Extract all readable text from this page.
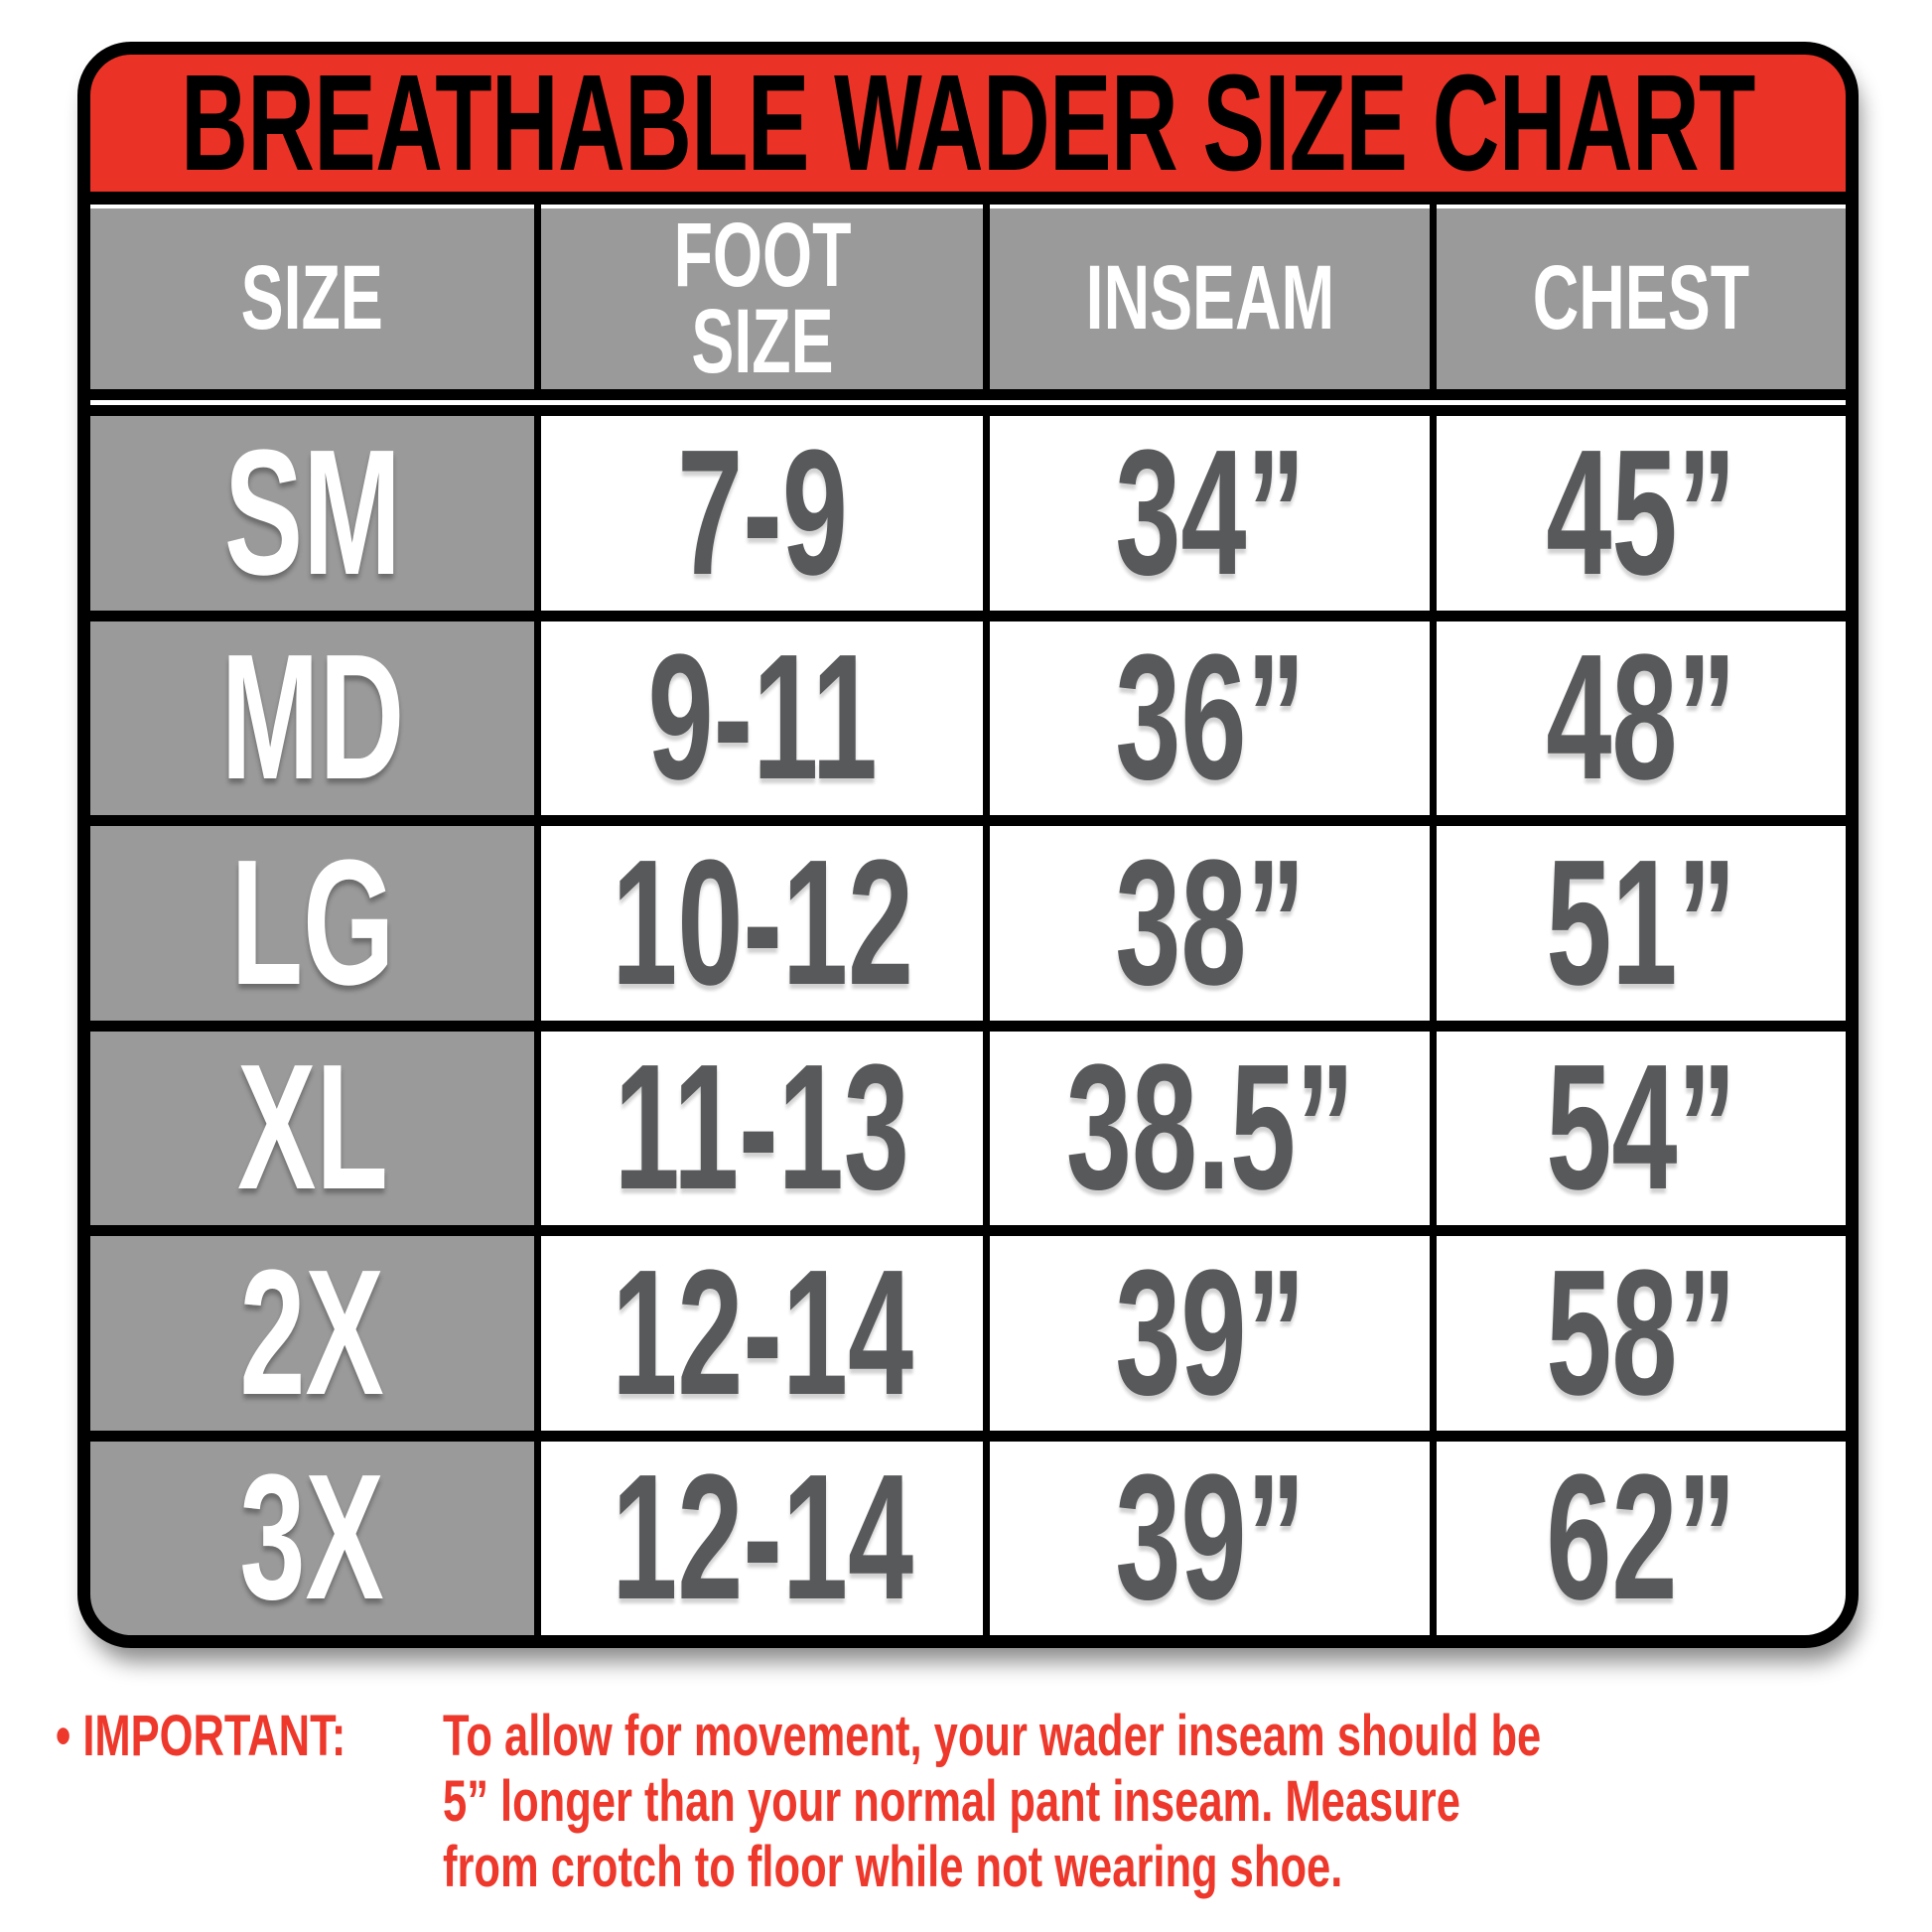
BREATHABLE WADER SIZE CHART
SIZE	FOOT SIZE	INSEAM CHEST
SM 7-9 34” 45”
MD 9-11 36” 48”
LG 10-12 38” 51”
XL 11-13 38.5” 54”
2X 12-14 39” 58”
3X 12-14 39” 62”
• IMPORTANT:	To allow for movement, your wader inseam should be 5” longer than your normal pant inseam. Measure from crotch to floor while not wearing shoe.
